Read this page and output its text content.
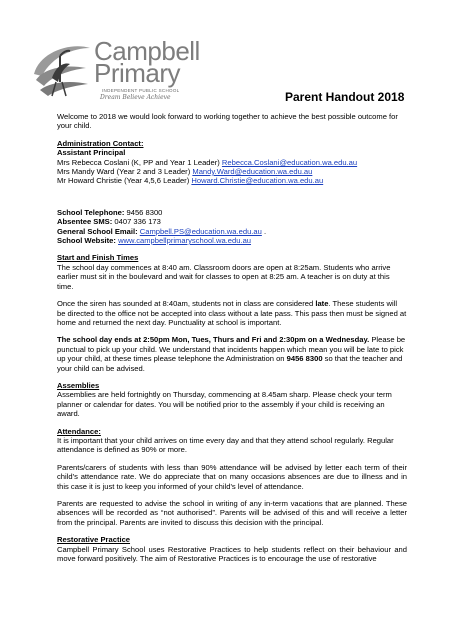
Campbell
Primary
INDEPENDENT PUBLIC SCHOOL
Dream Believe Achieve	Parent Handout 2018

Welcome to 2018 we would look forward to working together to achieve the best possible outcome for your child.

Administration Contact:
Assistant Principal
Mrs Rebecca Coslani (K, PP and Year 1 Leader) Rebecca.Coslani@education.wa.edu.au
Mrs Mandy Ward (Year 2 and 3 Leader) Mandy.Ward@education.wa.edu.au
Mr Howard Christie (Year 4,5,6 Leader) Howard.Christie@education.wa.edu.au
School Telephone: 9456 8300
Absentee SMS: 0407 336 173
General School Email: Campbell.PS@education.wa.edu.au .
School Website: www.campbellprimaryschool.wa.edu.au
Start and Finish Times

The school day commences at 8:40 am. Classroom doors are open at 8:25am. Students who arrive earlier must sit in the boulevard and wait for classes to open at 8:25 am. A teacher is on duty at this time.

Once the siren has sounded at 8:40am, students not in class are considered late. These students will be directed to the office not be accepted into class without a late pass. This pass then must be signed at home and returned the next day. Punctuality at school is important.

The school day ends at 2:50pm Mon, Tues, Thurs and Fri and 2:30pm on a Wednesday. Please be punctual to pick up your child. We understand that incidents happen which mean you will be late to pick up your child, at these times please telephone the Administration on 9456 8300 so that the teacher and your child can be advised.

Assemblies

Assemblies are held fortnightly on Thursday, commencing at 8.45am sharp. Please check your term planner or calendar for dates. You will be notified prior to the assembly if your child is receiving an award.

Attendance:

It is important that your child arrives on time every day and that they attend school regularly. Regular attendance is defined as 90% or more.

Parents/carers of students with less than 90% attendance will be advised by letter each term of their child's attendance rate. We do appreciate that on many occasions absences are due to illness and in this case it is just to keep you informed of your child's level of attendance.

Parents are requested to advise the school in writing of any in-term vacations that are planned. These absences will be recorded as “not authorised”. Parents will be advised of this and will receive a letter from the principal. Parents are invited to discuss this decision with the principal.

Restorative Practice

Campbell Primary School uses Restorative Practices to help students reflect on their behaviour and move forward positively. The aim of Restorative Practices is to encourage the use of restorative
